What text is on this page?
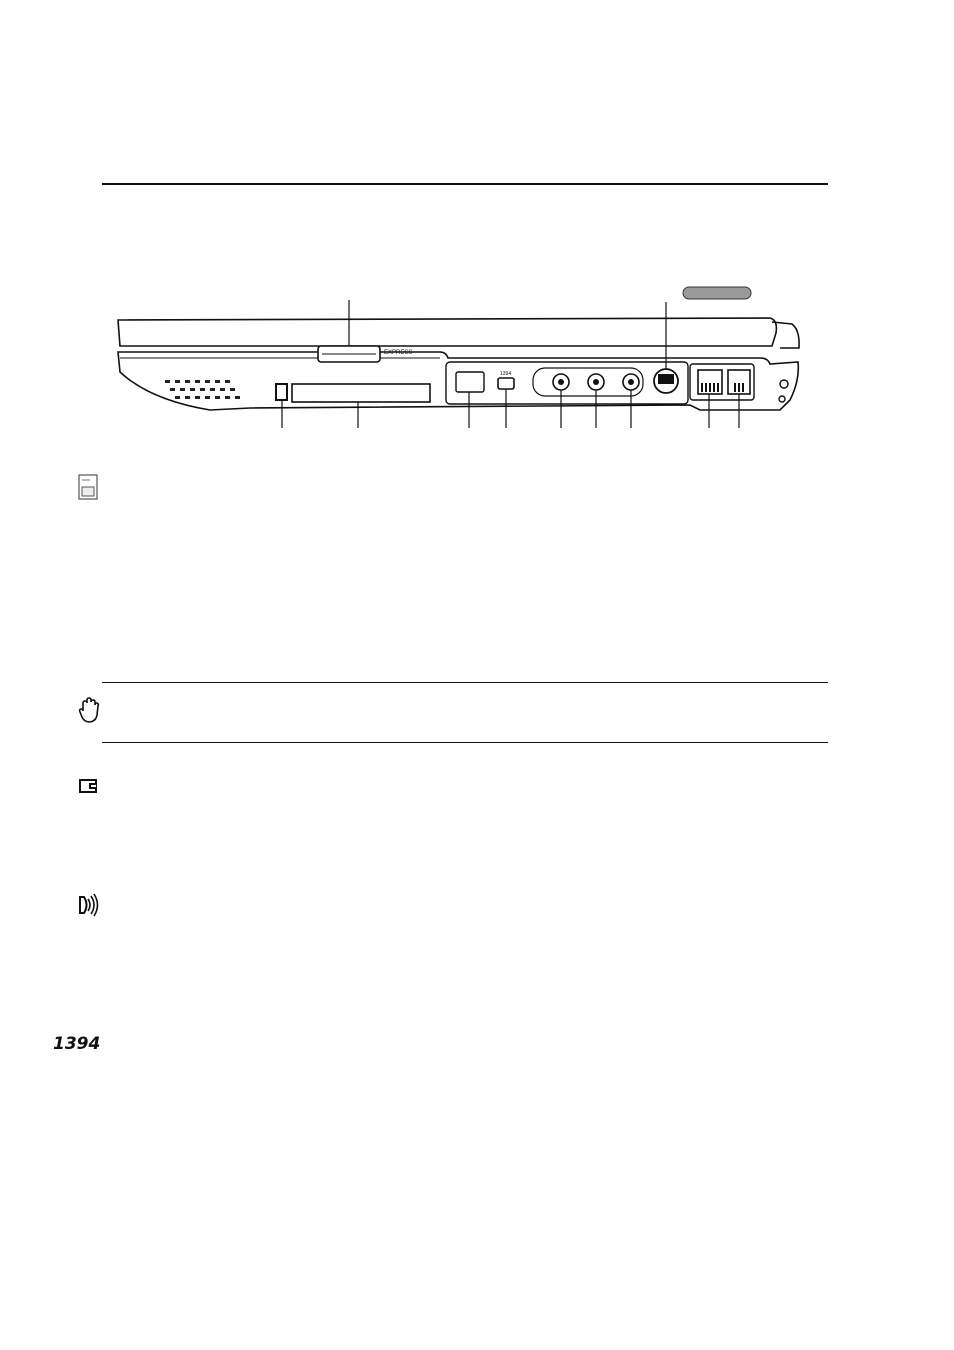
EXPRESS
1394
1394
